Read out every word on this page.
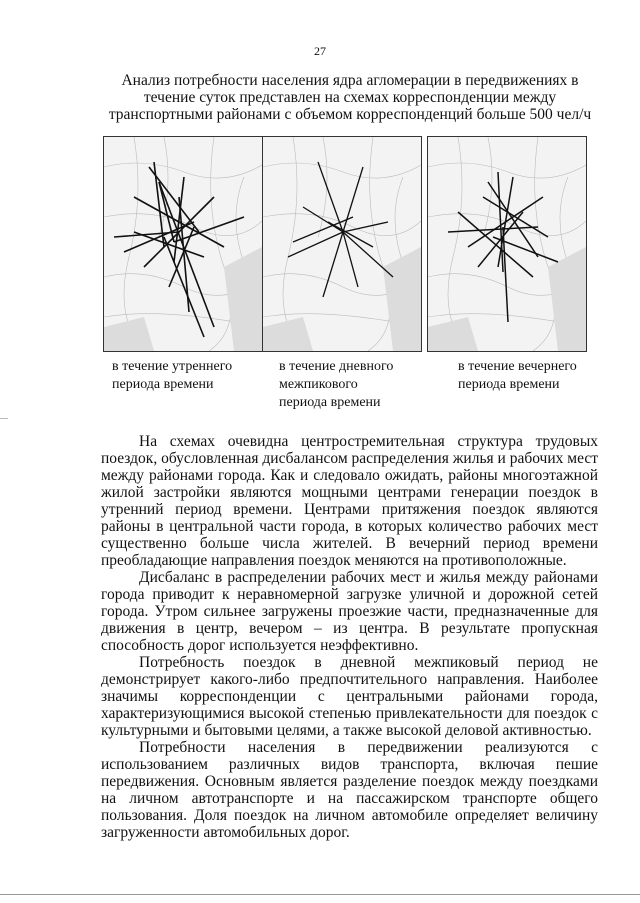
27
Анализ потребности населения ядра агломерации в передвижениях в
течение суток представлен на схемах корреспонденции между
транспортными районами с объемом корреспонденций больше 500 чел/ч
в течение утреннего
периода времени
в течение дневного
межпикового
периода времени
в течение вечернего
периода времени

На схемах очевидна центростремительная структура трудовых поездок, обусловленная дисбалансом распределения жилья и рабочих мест между районами города. Как и следовало ожидать, районы многоэтажной жилой застройки являются мощными центрами генерации поездок в утренний период времени. Центрами притяжения поездок являются районы в центральной части города, в которых количество рабочих мест существенно больше числа жителей. В вечерний период времени преобладающие направления поездок меняются на противоположные.

Дисбаланс в распределении рабочих мест и жилья между районами города приводит к неравномерной загрузке уличной и дорожной сетей города. Утром сильнее загружены проезжие части, предназначенные для движения в центр, вечером – из центра. В результате пропускная способность дорог используется неэффективно.

Потребность поездок в дневной межпиковый период не демонстрирует какого-либо предпочтительного направления. Наиболее значимы корреспонденции с центральными районами города, характеризующимися высокой степенью привлекательности для поездок с культурными и бытовыми целями, а также высокой деловой активностью.

Потребности населения в передвижении реализуются с использованием различных видов транспорта, включая пешие передвижения. Основным является разделение поездок между поездками на личном автотранспорте и на пассажирском транспорте общего пользования. Доля поездок на личном автомобиле определяет величину загруженности автомобильных дорог.
